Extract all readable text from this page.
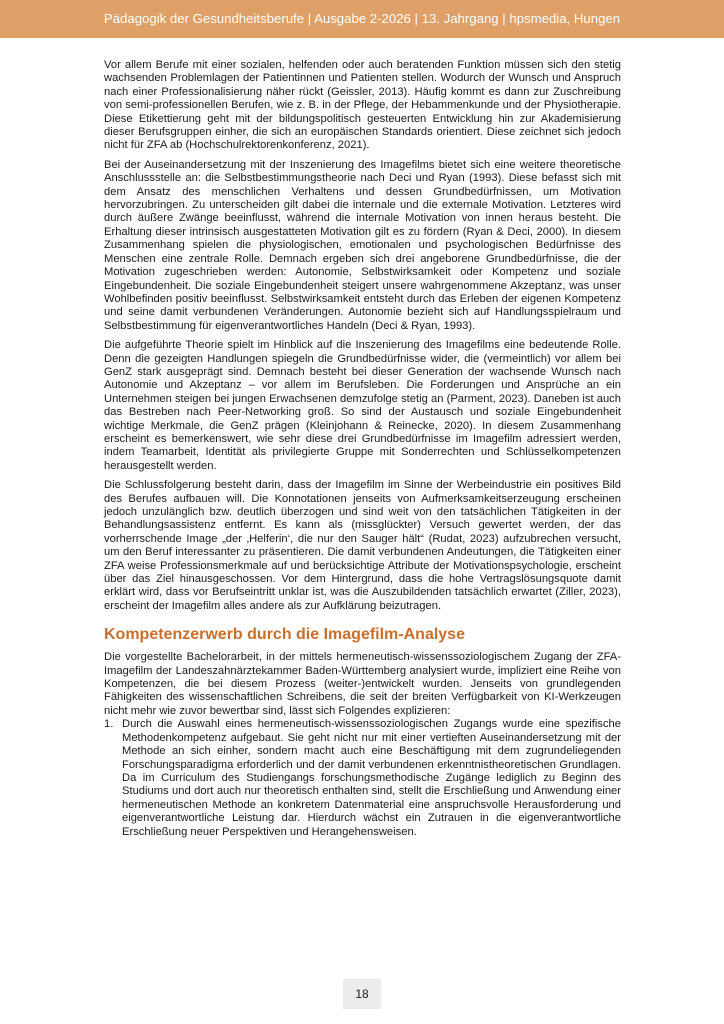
Pädagogik der Gesundheitsberufe | Ausgabe 2-2026 | 13. Jahrgang | hpsmedia, Hungen

Vor allem Berufe mit einer sozialen, helfenden oder auch beratenden Funktion müssen sich den stetig wachsenden Problemlagen der Patientinnen und Patienten stellen. Wodurch der Wunsch und Anspruch nach einer Professionalisierung näher rückt (Geissler, 2013). Häufig kommt es dann zur Zuschreibung von semi-professionellen Berufen, wie z. B. in der Pflege, der Hebammenkunde und der Physiotherapie. Diese Etikettierung geht mit der bildungspolitisch gesteuerten Entwicklung hin zur Akademisierung dieser Berufsgruppen einher, die sich an europäischen Standards orientiert. Diese zeichnet sich jedoch nicht für ZFA ab (Hochschulrektorenkonferenz, 2021).

Bei der Auseinandersetzung mit der Inszenierung des Imagefilms bietet sich eine weitere theoretische Anschlussstelle an: die Selbstbestimmungstheorie nach Deci und Ryan (1993). Diese befasst sich mit dem Ansatz des menschlichen Verhaltens und dessen Grundbedürfnissen, um Motivation hervorzubringen. Zu unterscheiden gilt dabei die internale und die externale Motivation. Letzteres wird durch äußere Zwänge beeinflusst, während die internale Motivation von innen heraus besteht. Die Erhaltung dieser intrinsisch ausgestatteten Motivation gilt es zu fördern (Ryan & Deci, 2000). In diesem Zusammenhang spielen die physiologischen, emotionalen und psychologischen Bedürfnisse des Menschen eine zentrale Rolle. Demnach ergeben sich drei angeborene Grundbedürfnisse, die der Motivation zugeschrieben werden: Autonomie, Selbstwirksamkeit oder Kompetenz und soziale Eingebundenheit. Die soziale Eingebundenheit steigert unsere wahrgenommene Akzeptanz, was unser Wohlbefinden positiv beeinflusst. Selbstwirksamkeit entsteht durch das Erleben der eigenen Kompetenz und seine damit verbundenen Veränderungen. Autonomie bezieht sich auf Handlungsspielraum und Selbstbestimmung für eigenverantwortliches Handeln (Deci & Ryan, 1993).

Die aufgeführte Theorie spielt im Hinblick auf die Inszenierung des Imagefilms eine bedeutende Rolle. Denn die gezeigten Handlungen spiegeln die Grundbedürfnisse wider, die (vermeintlich) vor allem bei GenZ stark ausgeprägt sind. Demnach besteht bei dieser Generation der wachsende Wunsch nach Autonomie und Akzeptanz – vor allem im Berufsleben. Die Forderungen und Ansprüche an ein Unternehmen steigen bei jungen Erwachsenen demzufolge stetig an (Parment, 2023). Daneben ist auch das Bestreben nach Peer-Networking groß. So sind der Austausch und soziale Eingebundenheit wichtige Merkmale, die GenZ prägen (Kleinjohann & Reinecke, 2020). In diesem Zusammenhang erscheint es bemerkenswert, wie sehr diese drei Grundbedürfnisse im Imagefilm adressiert werden, indem Teamarbeit, Identität als privilegierte Gruppe mit Sonderrechten und Schlüsselkompetenzen herausgestellt werden.

Die Schlussfolgerung besteht darin, dass der Imagefilm im Sinne der Werbeindustrie ein positives Bild des Berufes aufbauen will. Die Konnotationen jenseits von Aufmerksamkeitserzeugung erscheinen jedoch unzulänglich bzw. deutlich überzogen und sind weit von den tatsächlichen Tätigkeiten in der Behandlungsassistenz entfernt. Es kann als (missglückter) Versuch gewertet werden, der das vorherrschende Image „der ‚Helferin‘, die nur den Sauger hält“ (Rudat, 2023) aufzubrechen versucht, um den Beruf interessanter zu präsentieren. Die damit verbundenen Andeutungen, die Tätigkeiten einer ZFA weise Professionsmerkmale auf und berücksichtige Attribute der Motivationspsychologie, erscheint über das Ziel hinausgeschossen. Vor dem Hintergrund, dass die hohe Vertragslösungsquote damit erklärt wird, dass vor Berufseintritt unklar ist, was die Auszubildenden tatsächlich erwartet (Ziller, 2023), erscheint der Imagefilm alles andere als zur Aufklärung beizutragen.

Kompetenzerwerb durch die Imagefilm-Analyse

Die vorgestellte Bachelorarbeit, in der mittels hermeneutisch-wissenssoziologischem Zugang der ZFA-Imagefilm der Landeszahnärztekammer Baden-Württemberg analysiert wurde, impliziert eine Reihe von Kompetenzen, die bei diesem Prozess (weiter-)entwickelt wurden. Jenseits von grundlegenden Fähigkeiten des wissenschaftlichen Schreibens, die seit der breiten Verfügbarkeit von KI-Werkzeugen nicht mehr wie zuvor bewertbar sind, lässt sich Folgendes explizieren:

1. Durch die Auswahl eines hermeneutisch-wissenssoziologischen Zugangs wurde eine spezifische Methodenkompetenz aufgebaut. Sie geht nicht nur mit einer vertieften Auseinandersetzung mit der Methode an sich einher, sondern macht auch eine Beschäftigung mit dem zugrundeliegenden Forschungsparadigma erforderlich und der damit verbundenen erkenntnistheoretischen Grundlagen. Da im Curriculum des Studiengangs forschungsmethodische Zugänge lediglich zu Beginn des Studiums und dort auch nur theoretisch enthalten sind, stellt die Erschließung und Anwendung einer hermeneutischen Methode an konkretem Datenmaterial eine anspruchsvolle Herausforderung und eigenverantwortliche Leistung dar. Hierdurch wächst ein Zutrauen in die eigenverantwortliche Erschließung neuer Perspektiven und Herangehensweisen.
18
